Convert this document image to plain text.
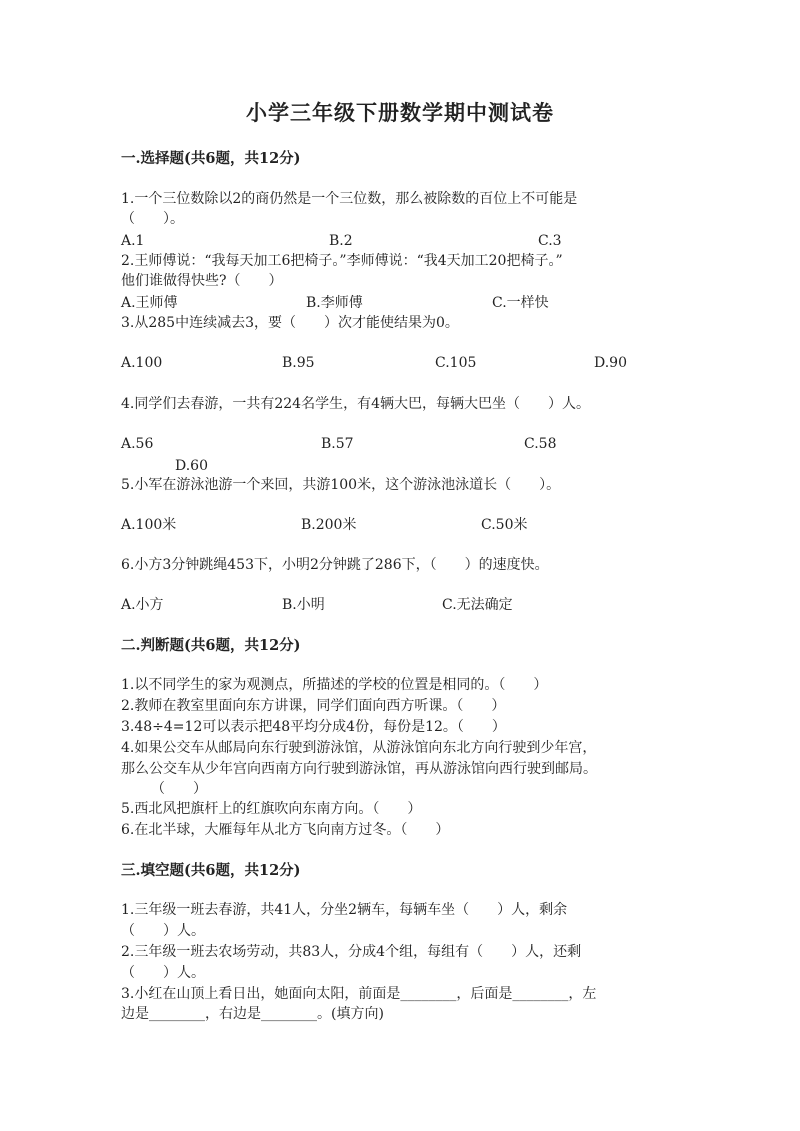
小学三年级下册数学期中测试卷
一.选择题(共6题，共12分)
1.一个三位数除以2的商仍然是一个三位数，那么被除数的百位上不可能是
（　　）。
A.1	B.2	C.3
2.王师傅说：“我每天加工6把椅子。”李师傅说：“我4天加工20把椅子。”
他们谁做得快些?（　　）
A.王师傅	B.李师傅	C.一样快
3.从285中连续减去3，要（　　）次才能使结果为0。
A.100	B.95	C.105	D.90
4.同学们去春游，一共有224名学生，有4辆大巴，每辆大巴坐（　　）人。
A.56	B.57	C.58
D.60
5.小军在游泳池游一个来回，共游100米，这个游泳池泳道长（　　）。
A.100米	B.200米	C.50米
6.小方3分钟跳绳453下，小明2分钟跳了286下，（　　）的速度快。
A.小方	B.小明	C.无法确定
二.判断题(共6题，共12分)
1.以不同学生的家为观测点，所描述的学校的位置是相同的。（　　）
2.教师在教室里面向东方讲课，同学们面向西方听课。（　　）
3.48÷4=12可以表示把48平均分成4份，每份是12。（　　）
4.如果公交车从邮局向东行驶到游泳馆，从游泳馆向东北方向行驶到少年宫，
那么公交车从少年宫向西南方向行驶到游泳馆，再从游泳馆向西行驶到邮局。
（　　）
5.西北风把旗杆上的红旗吹向东南方向。（　　）
6.在北半球，大雁每年从北方飞向南方过冬。（　　）
三.填空题(共6题，共12分)
1.三年级一班去春游，共41人，分坐2辆车，每辆车坐（　　）人，剩余
（　　）人。
2.三年级一班去农场劳动，共83人，分成4个组，每组有（　　）人，还剩
（　　）人。
3.小红在山顶上看日出，她面向太阳，前面是________，后面是________，左
边是________，右边是________。(填方向)
